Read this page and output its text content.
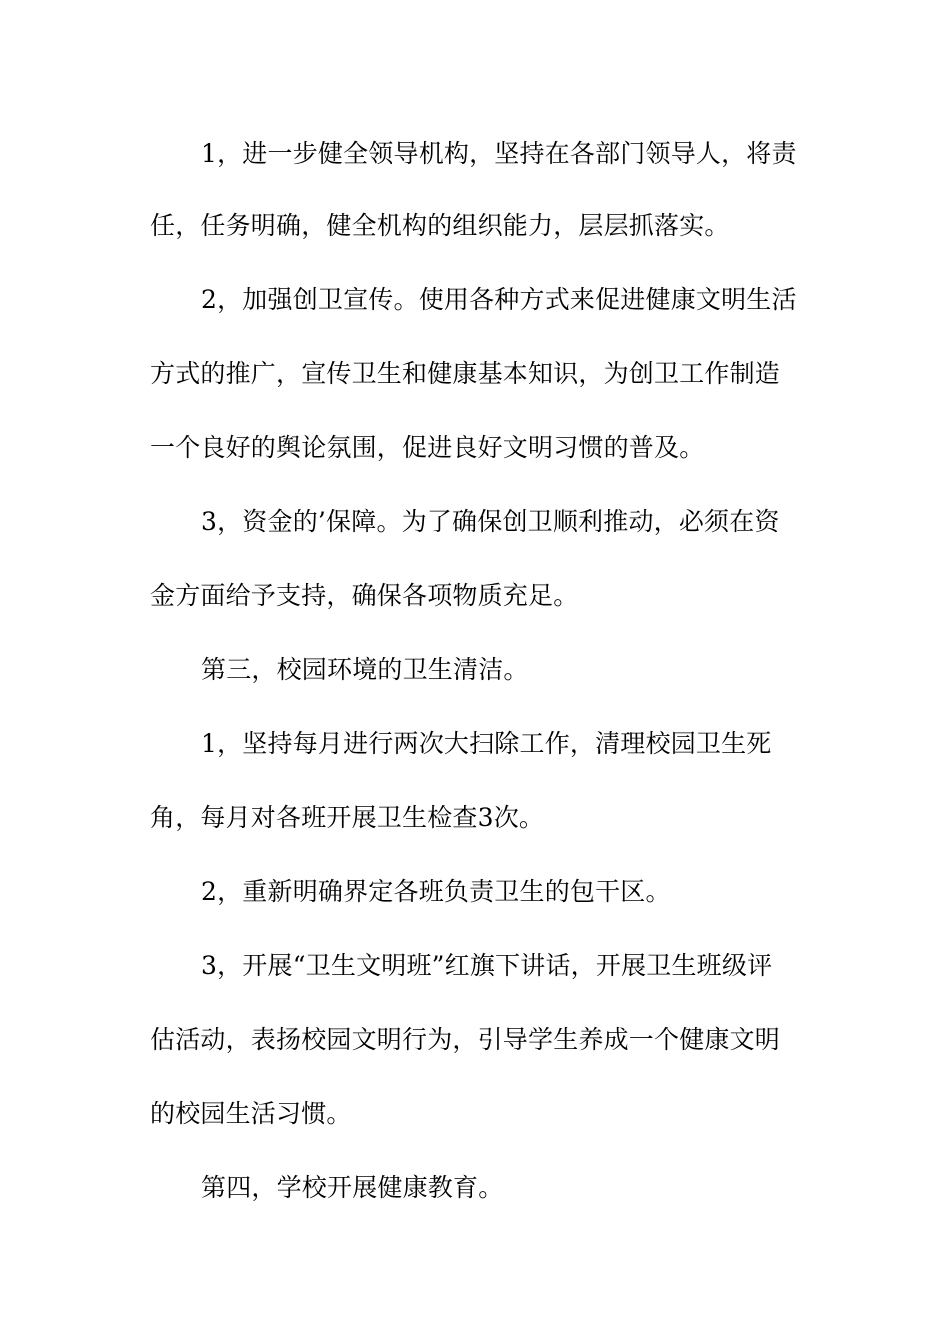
1，进一步健全领导机构，坚持在各部门领导人，将责

任，任务明确，健全机构的组织能力，层层抓落实。

2，加强创卫宣传。使用各种方式来促进健康文明生活

方式的推广，宣传卫生和健康基本知识，为创卫工作制造

一个良好的舆论氛围，促进良好文明习惯的普及。

3，资金的’保障。为了确保创卫顺利推动，必须在资

金方面给予支持，确保各项物质充足。

第三，校园环境的卫生清洁。

1，坚持每月进行两次大扫除工作，清理校园卫生死

角，每月对各班开展卫生检查3次。

2，重新明确界定各班负责卫生的包干区。

3，开展“卫生文明班”红旗下讲话，开展卫生班级评

估活动，表扬校园文明行为，引导学生养成一个健康文明

的校园生活习惯。

第四，学校开展健康教育。
